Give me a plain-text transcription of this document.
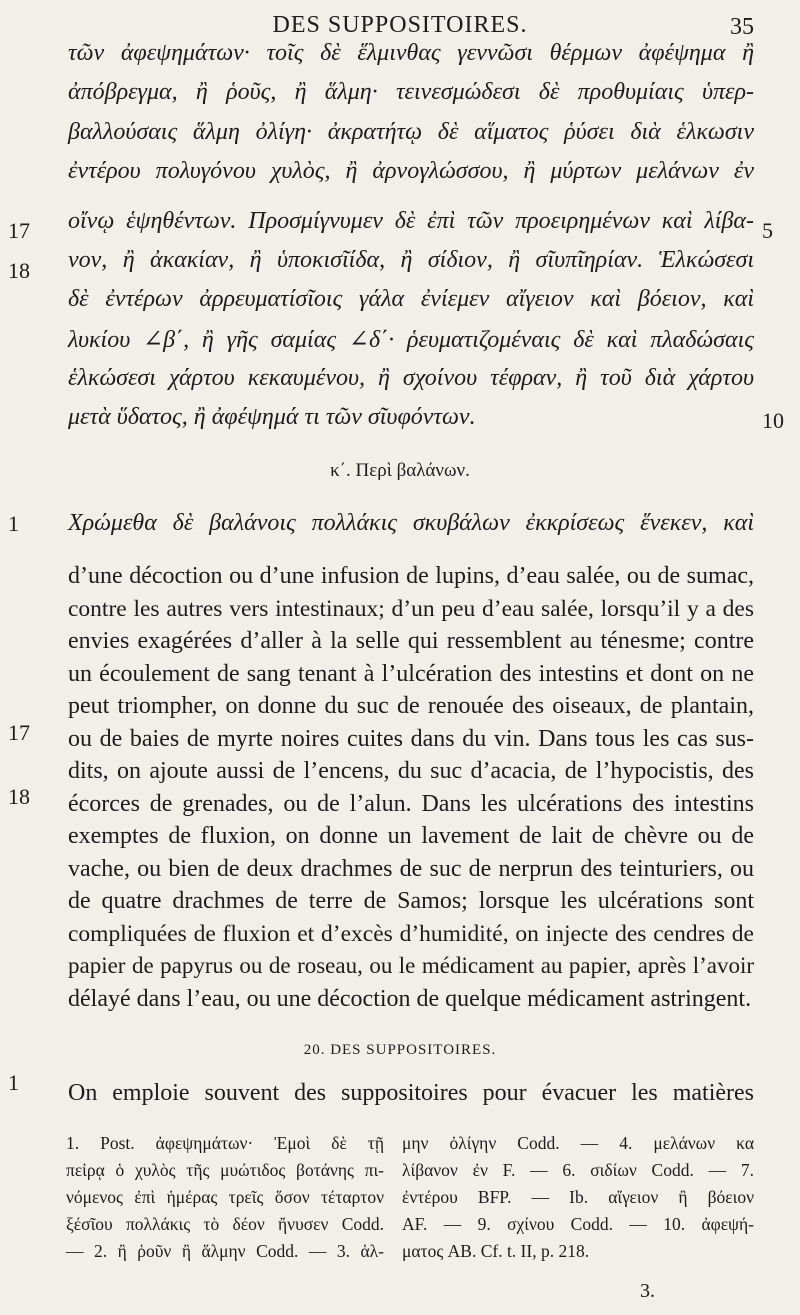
DES SUPPOSITOIRES.	35
τῶν ἀφεψημάτων· τοῖς δὲ ἕλμινθας γεννῶσι θέρμων ἀφέψημα ἢ
ἀπόβρεγμα, ἢ ῥοῦς, ἢ ἅλμη· τεινεσμώδεσι δὲ προθυμίαις ὑπερ-
βαλλούσαις ἅλμη ὀλίγη· ἀκρατήτῳ δὲ αἵματος ῥύσει διὰ ἑλκωσιν
ἐντέρου πολυγόνου χυλὸς, ἢ ἀρνογλώσσου, ἢ μύρτων μελάνων ἐν
οἴνῳ ἑψηθέντων. Προσμίγνυμεν δὲ ἐπὶ τῶν προειρημένων καὶ λίβα-
νον, ἢ ἀκακίαν, ἢ ὑποκισῖίδα, ἢ σίδιον, ἢ σῖυπῖηρίαν. Ἑλκώσεσι
δὲ ἐντέρων ἀρρευματίσῖοις γάλα ἐνίεμεν αἴγειον καὶ βόειον, καὶ
λυκίου ∠β΄, ἢ γῆς σαμίας ∠δ΄· ῥευματιζομέναις δὲ καὶ πλαδώσαις
ἑλκώσεσι χάρτου κεκαυμένου, ἢ σχοίνου τέφραν, ἢ τοῦ διὰ χάρτου
μετὰ ὕδατος, ἢ ἀφέψημά τι τῶν σῖυφόντων.
17
18
5
10
κ΄. Περὶ βαλάνων.
Χρώμεθα δὲ βαλάνοις πολλάκις σκυβάλων ἐκκρίσεως ἕνεκεν, καὶ
1
d’une décoction ou d’une infusion de lupins, d’eau salée, ou de sumac,
contre les autres vers intestinaux; d’un peu d’eau salée, lorsqu’il y a des
envies exagérées d’aller à la selle qui ressemblent au ténesme; contre
un écoulement de sang tenant à l’ulcération des intestins et dont on ne
peut triompher, on donne du suc de renouée des oiseaux, de plantain,
ou de baies de myrte noires cuites dans du vin. Dans tous les cas sus-
dits, on ajoute aussi de l’encens, du suc d’acacia, de l’hypocistis, des
écorces de grenades, ou de l’alun. Dans les ulcérations des intestins
exemptes de fluxion, on donne un lavement de lait de chèvre ou de
vache, ou bien de deux drachmes de suc de nerprun des teinturiers, ou
de quatre drachmes de terre de Samos; lorsque les ulcérations sont
compliquées de fluxion et d’excès d’humidité, on injecte des cendres de
papier de papyrus ou de roseau, ou le médicament au papier, après l’avoir
délayé dans l’eau, ou une décoction de quelque médicament astringent.
17
18
20. DES SUPPOSITOIRES.
On emploie souvent des suppositoires pour évacuer les matières
1
1. Post. ἀφεψημάτων· Ἐμοὶ δὲ τῇ
πεἰρᾳ ὁ χυλὸς τῆς μυώτιδος βοτάνης πι-
νόμενος ἐπὶ ἡμέρας τρεῖς ὅσον τέταρτον
ξέσῖου πολλάκις τὸ δέον ἤνυσεν Codd.
— 2. ἢ ῥοῦν ἢ ἅλμην Codd. — 3. ἁλ-
μην ὀλίγην Codd. — 4. μελάνων κα
λίβανον ἐν F. — 6. σιδίων Codd. — 7.
ἐντέρου BFP. — Ib. αἴγειον ἢ βόειον
AF. — 9. σχίνου Codd. — 10. ἀφεψή-
ματος AB. Cf. t. II, p. 218.
3.
